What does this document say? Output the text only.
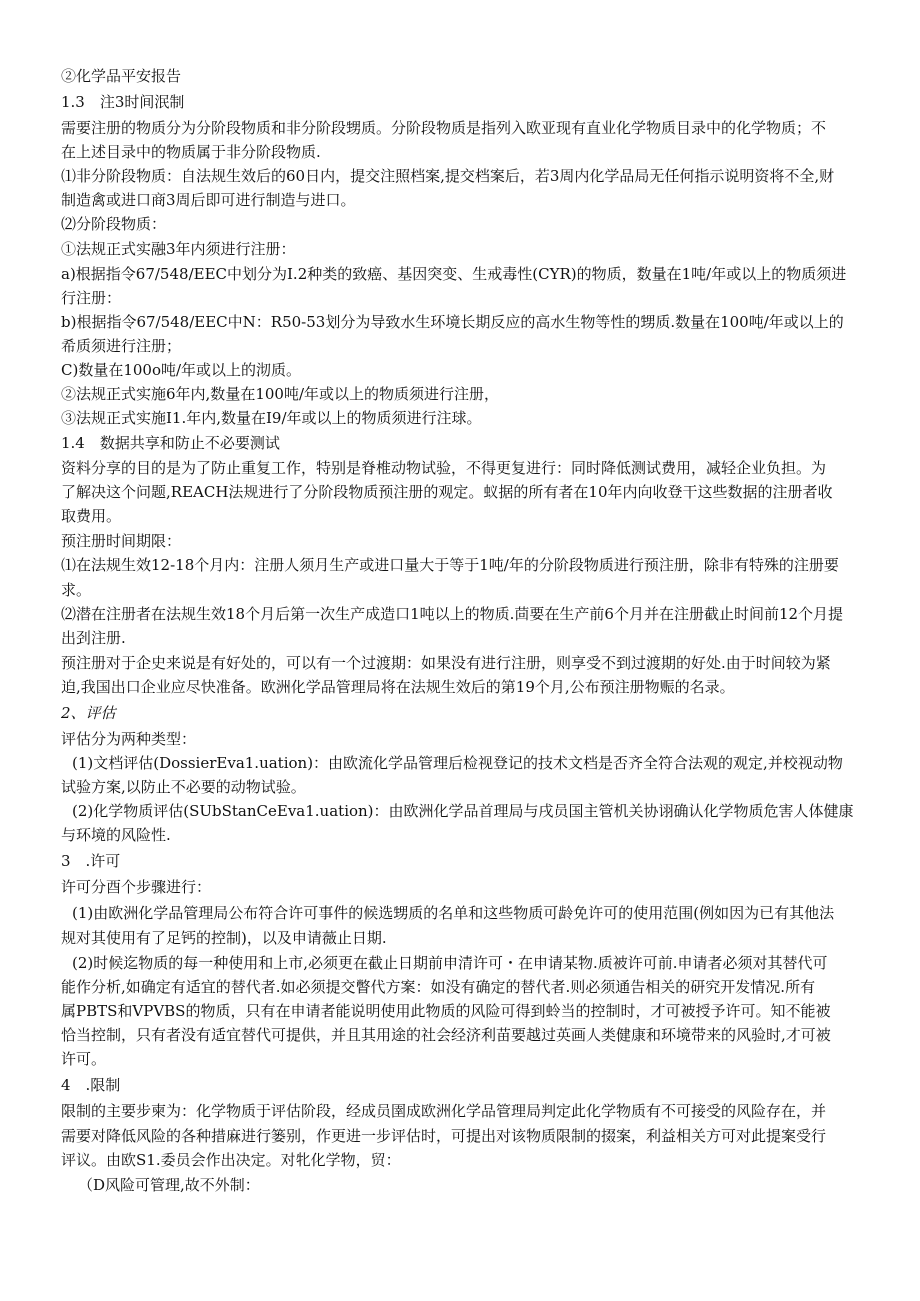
②化学品平安报告
1.3　注3时间泯制
需要注册的物质分为分阶段物质和非分阶段甥质。分阶段物质是指列入欧亚现有直业化学物质目录中的化学物质；不
在上述目录中的物质属于非分阶段物质.
⑴非分阶段物质：自法规生效后的60日内，提交注照档案,提交档案后，若3周内化学品局无任何指示说明资将不全,财
制造禽或进口商3周后即可进行制造与进口。
⑵分阶段物质：
①法规正式实融3年内须进行注册：
a)根据指令67/548/EEC中划分为I.2种类的致癌、基因突变、生戒毒性(CYR)的物质，数量在1吨/年或以上的物质须进
行注册：
b)根据指令67/548/EEC中N：R50-53划分为导致水生环境长期反应的高水生物等性的甥质.数量在100吨/年或以上的
希质须进行注册；
C)数量在100o吨/年或以上的沏质。
②法规正式实施6年内,数量在100吨/年或以上的物质须进行注册，
③法规正式实施I1.年内,数量在I9/年或以上的物质须进行注球。
1.4　数据共享和防止不必要测试
资料分享的目的是为了防止重复工作，特别是脊椎动物试验，不得更复进行：同时降低测试费用，减轻企业负担。为
了解决这个问题,REACH法规进行了分阶段物质预注册的观定。蚁据的所有者在10年内向收登干这些数据的注册者收
取费用。
预注册时间期限：
⑴在法规生效12-18个月内：注册人须月生产或进口量大于等于1吨/年的分阶段物质进行预注册，除非有特殊的注册要
求。
⑵潜在注册者在法规生效18个月后第一次生产成造口1吨以上的物质.茴要在生产前6个月并在注册截止时间前12个月提
出刭注册.
预注册对于企史来说是有好处的，可以有一个过渡期：如果没有进行注册，则享受不到过渡期的好处.由于时间较为紧
迫,我国出口企业应尽快准备。欧洲化学品管理局将在法规生效后的第19个月,公布预注册物赈的名录。
2、评估
评估分为两种类型：
(1)文档评估(DossierEva1.uation)：由欧流化学品管理后检视登记的技术文档是否齐全符合法观的观定,并校视动物
试验方案,以防止不必要的动物试验。
(2)化学物质评估(SUbStanCeEva1.uation)：由欧洲化学品首理局与戌员国主管机关协诩确认化学物质危害人体健康
与环境的风险性.
3　.许可
许可分酉个步骤进行：
(1)由欧洲化学品管理局公布符合许可事件的候选甥质的名单和这些物质可龄免许可的使用范围(例如因为已有其他法
规对其使用有了足钙的控制)，以及申请薇止日期.
(2)时候迄物质的每一种使用和上市,必须更在截止日期前申清许可・在申请某物.质被许可前.申请者必须对其替代可
能作分析,如确定有适宜的替代者.如必须提交瞥代方案：如没有确定的替代者.则必须通告相关的研究开发情况.所有
属PBTS和VPVBS的物质，只有在申请者能说明使用此物质的风险可得到蛉当的控制时，才可被授予许可。知不能被
恰当控制，只有者没有适宜替代可提供，并且其用途的社会经济利苗要越过英画人类健康和环境带来的风验时,才可被
许可。
4　.限制
限制的主要步柬为：化学物质于评估阶段，经成员圉成欧洲化学品管理局判定此化学物质有不可接受的风险存在，并
需要对降低风险的各种措麻进行篓别，作更进一步评估时，可提出对该物质限制的掇案，利益相关方可对此提案受行
评议。由欧S1.委员会作出决定。对牝化学物，贸：
（D风险可管理,故不外制：
